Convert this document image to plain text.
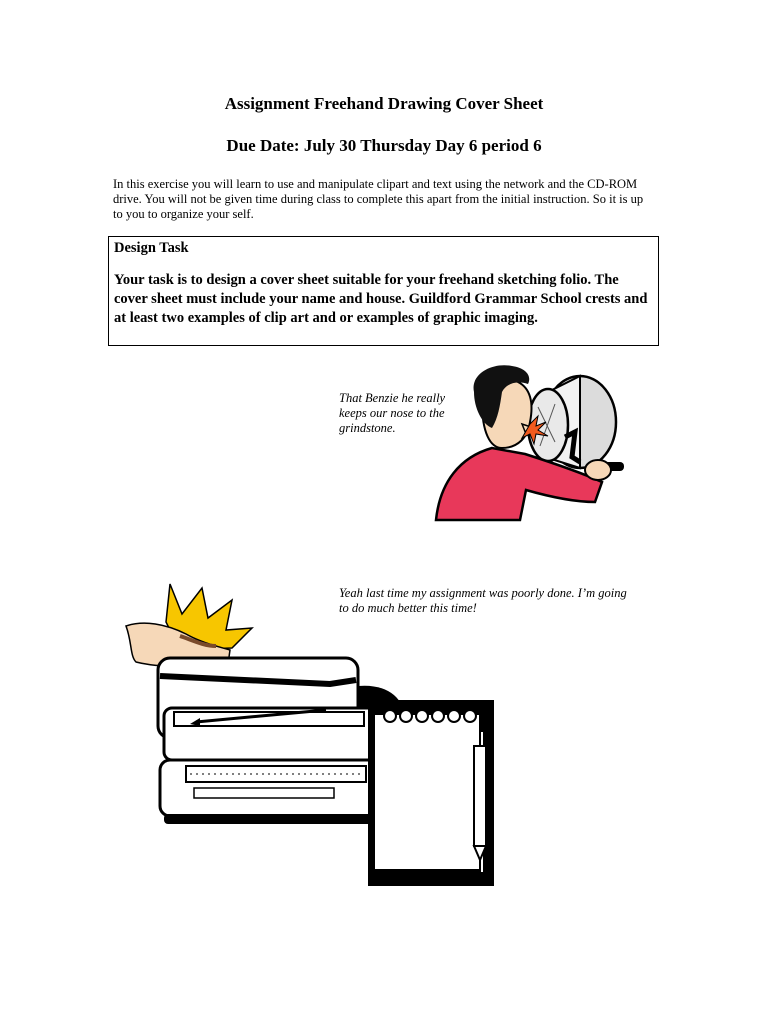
Assignment Freehand Drawing Cover Sheet
Due Date: July 30 Thursday Day 6 period 6
In this exercise you will learn to use and manipulate clipart and text using the network and the CD-ROM drive. You will not be given time during class to complete this apart from the initial instruction. So it is up to you to organize your self.

Design Task

Your task is to design a cover sheet suitable for your freehand sketching folio. The cover sheet must include your name and house. Guildford Grammar School crests and at least two examples of clip art and or examples of graphic imaging.

That Benzie he really keeps our nose to the grindstone.
Yeah last time my assignment was poorly done. I’m going to do much better this time!
